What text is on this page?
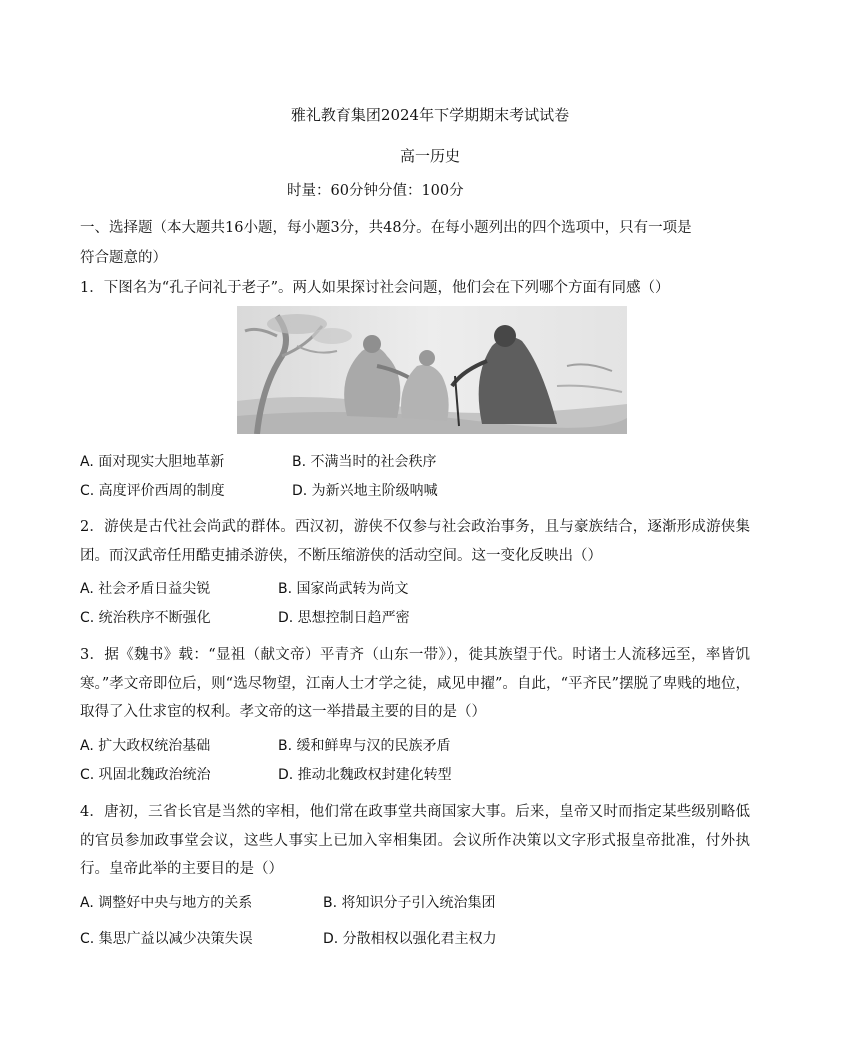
雅礼教育集团2024年下学期期末考试试卷
高一历史
时量：60分钟分值：100分
一、选择题（本大题共16小题，每小题3分，共48分。在每小题列出的四个选项中，只有一项是
符合题意的）
1．下图名为“孔子问礼于老子”。两人如果探讨社会问题，他们会在下列哪个方面有同感（）
A. 面对现实大胆地革新	B. 不满当时的社会秩序
C. 高度评价西周的制度	D. 为新兴地主阶级呐喊
2．游侠是古代社会尚武的群体。西汉初，游侠不仅参与社会政治事务，且与豪族结合，逐渐形成游侠集团。而汉武帝任用酷吏捕杀游侠，不断压缩游侠的活动空间。这一变化反映出（）
A. 社会矛盾日益尖锐	B. 国家尚武转为尚文
C. 统治秩序不断强化	D. 思想控制日趋严密
3．据《魏书》载：“显祖（献文帝）平青齐（山东一带》），徙其族望于代。时诸士人流移远至，率皆饥寒。”孝文帝即位后，则“选尽物望，江南人士才学之徒，咸见申擢”。自此，“平齐民”摆脱了卑贱的地位，取得了入仕求宦的权利。孝文帝的这一举措最主要的目的是（）
A. 扩大政权统治基础	B. 缓和鲜卑与汉的民族矛盾
C. 巩固北魏政治统治	D. 推动北魏政权封建化转型
4．唐初，三省长官是当然的宰相，他们常在政事堂共商国家大事。后来，皇帝又时而指定某些级别略低的官员参加政事堂会议，这些人事实上已加入宰相集团。会议所作决策以文字形式报皇帝批准，付外执行。皇帝此举的主要目的是（）
A. 调整好中央与地方的关系	B. 将知识分子引入统治集团
C. 集思广益以减少决策失误	D. 分散相权以强化君主权力
